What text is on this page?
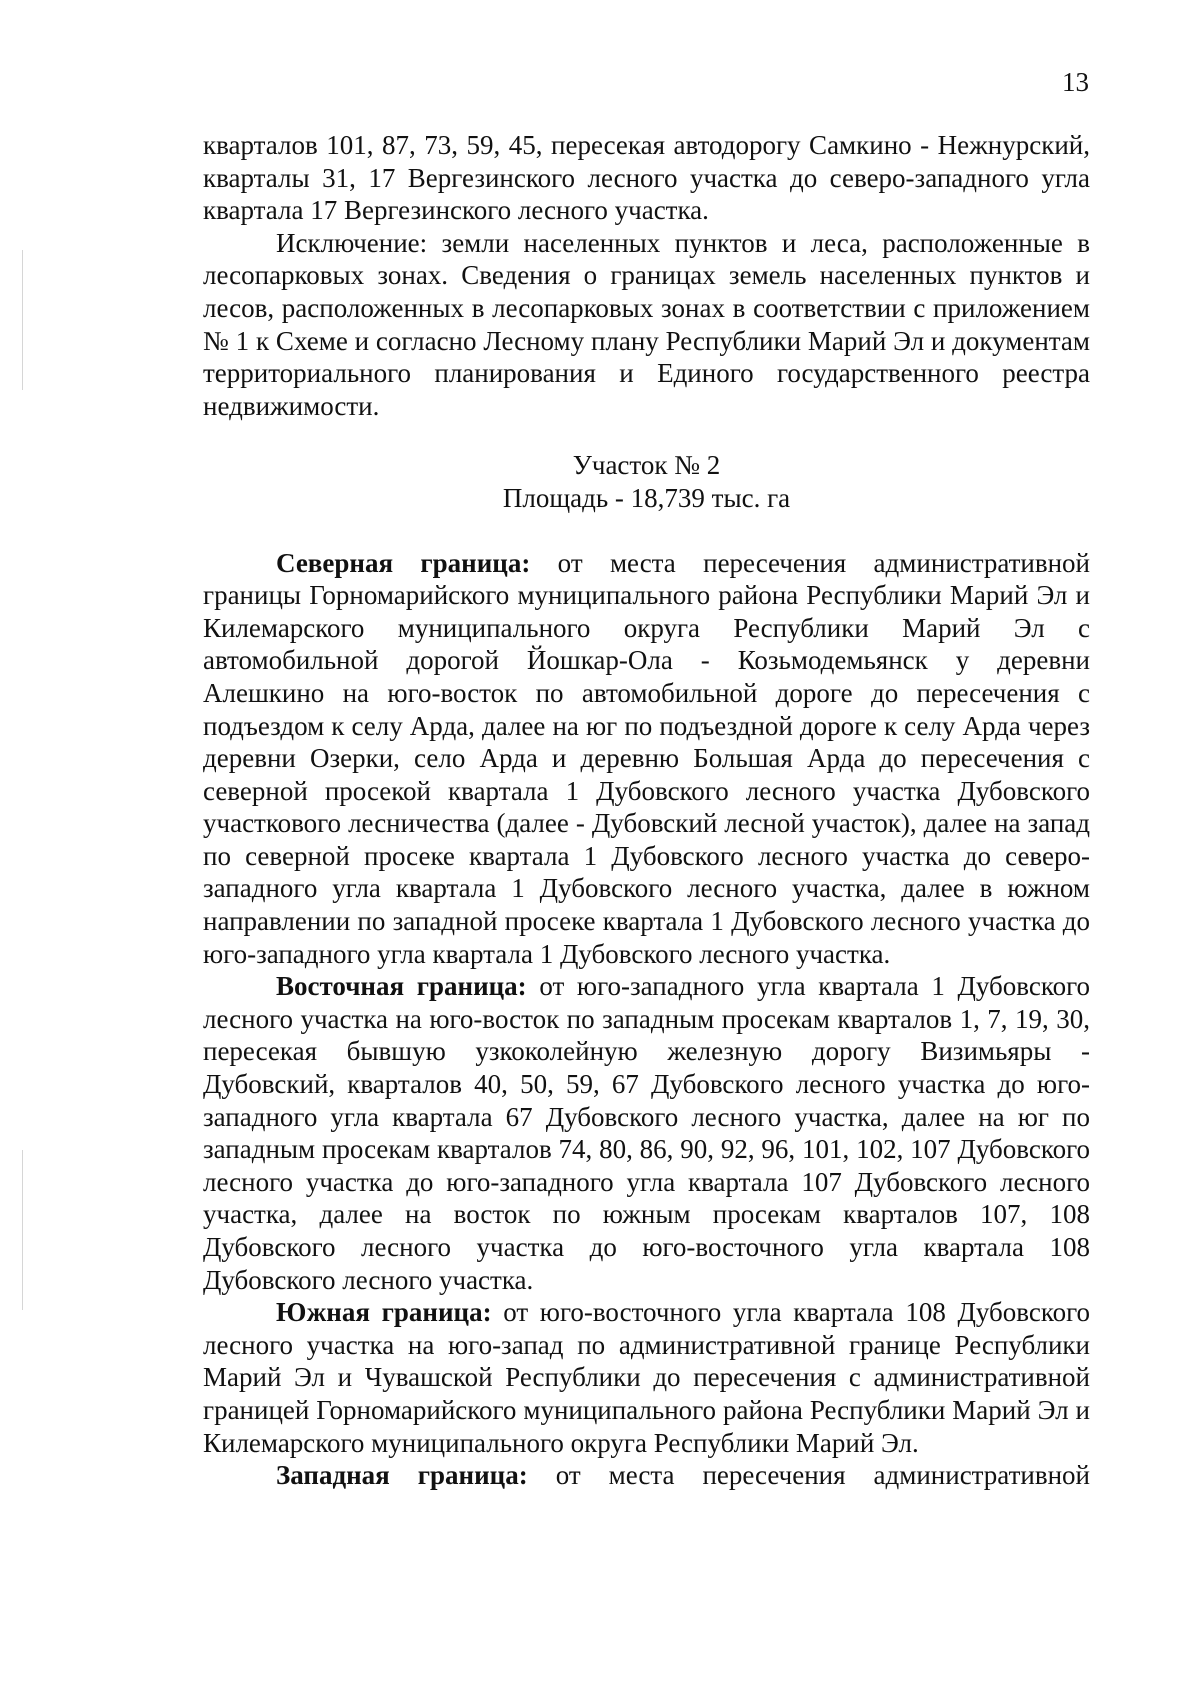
13

кварталов 101, 87, 73, 59, 45, пересекая автодорогу Самкино - Нежнурский, кварталы 31, 17 Вергезинского лесного участка до северо-западного угла квартала 17 Вергезинского лесного участка.

Исключение: земли населенных пунктов и леса, расположенные в лесопарковых зонах. Сведения о границах земель населенных пунктов и лесов, расположенных в лесопарковых зонах в соответствии с приложением № 1 к Схеме и согласно Лесному плану Республики Марий Эл и документам территориального планирования и Единого государственного реестра недвижимости.

Участок № 2

Площадь - 18,739 тыс. га

Северная граница: от места пересечения административной границы Горномарийского муниципального района Республики Марий Эл и Килемарского муниципального округа Республики Марий Эл с автомобильной дорогой Йошкар-Ола - Козьмодемьянск у деревни Алешкино на юго-восток по автомобильной дороге до пересечения с подъездом к селу Арда, далее на юг по подъездной дороге к селу Арда через деревни Озерки, село Арда и деревню Большая Арда до пересечения с северной просекой квартала 1 Дубовского лесного участка Дубовского участкового лесничества (далее - Дубовский лесной участок), далее на запад по северной просеке квартала 1 Дубовского лесного участка до северо-западного угла квартала 1 Дубовского лесного участка, далее в южном направлении по западной просеке квартала 1 Дубовского лесного участка до юго-западного угла квартала 1 Дубовского лесного участка.

Восточная граница: от юго-западного угла квартала 1 Дубовского лесного участка на юго-восток по западным просекам кварталов 1, 7, 19, 30, пересекая бывшую узкоколейную железную дорогу Визимьяры - Дубовский, кварталов 40, 50, 59, 67 Дубовского лесного участка до юго-западного угла квартала 67 Дубовского лесного участка, далее на юг по западным просекам кварталов 74, 80, 86, 90, 92, 96, 101, 102, 107 Дубовского лесного участка до юго-западного угла квартала 107 Дубовского лесного участка, далее на восток по южным просекам кварталов 107, 108 Дубовского лесного участка до юго-восточного угла квартала 108 Дубовского лесного участка.

Южная граница: от юго-восточного угла квартала 108 Дубовского лесного участка на юго-запад по административной границе Республики Марий Эл и Чувашской Республики до пересечения с административной границей Горномарийского муниципального района Республики Марий Эл и Килемарского муниципального округа Республики Марий Эл.

Западная граница: от места пересечения административной
